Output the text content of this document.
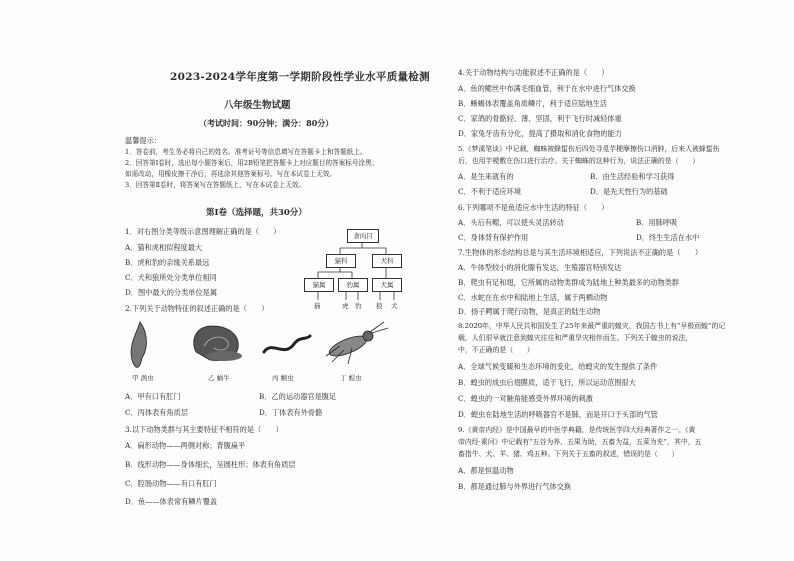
2023-2024学年度第一学期阶段性学业水平质量检测
八年级生物试题
（考试时间：90分钟；满分：80分）
温馨提示：
1．答卷前，考生务必将自己的姓名、准考证号等信息填写在答题卡上和答题纸上。
2．回答第Ⅰ卷时，选出每小题答案后，用2B铅笔把答题卡上对应题目的答案标号涂黑；
如需改动，用橡皮擦干净后，再选涂其他答案标号。写在本试卷上无效。
3．回答第Ⅱ卷时，将答案写在答题纸上，写在本试卷上无效。
第Ⅰ卷（选择题，共30分）
1．对右图分类等级示意图理解正确的是（　　）
A．猫和虎相似程度最大
B．虎和豹的亲缘关系最远
C．犬和狼所处分类单位相同
D．图中最大的分类单位是属
食肉目
猫科	犬科
猫属	豹属	犬属
猫	虎 豹 狼 犬
2.下列关于动物特征的叙述正确的是（　　）
甲 涡虫	乙 蜗牛	丙 蛔虫	丁 蝗虫
A．甲有口有肛门	B．乙的运动器官是腹足
C．丙体表有角质层	D．丁体表有外骨骼
3.以下动物类群与其主要特征不相符的是（　　）
A．扁形动物——两侧对称；背腹扁平
B．线形动物——身体细长，呈圆柱形；体表有角质层
C．腔肠动物——有口有肛门
D．鱼——体表常有鳞片覆盖
4.关于动物结构与功能叙述不正确的是（　　）
A．鱼的鳃丝中布满毛细血管，利于在水中进行气体交换
B．蜥蜴体表覆盖角质鳞片，利于适应陆地生活
C．家鸽的骨骼轻、薄、坚固，利于飞行时减轻体重
D．家兔牙齿有分化，提高了摄取和消化食物的能力
5.《梦溪笔谈》中记载，蜘蛛被蜂蜇伤后四处寻觅芋梗摩擦伤口消肿，后来人被蜂蜇伤
后，也用芋梗敷在伤口进行治疗。关于蜘蛛的这种行为，说法正确的是（　　）
A．是生来就有的	B．由生活经验和学习获得
C．不利于适应环境	D．是先天性行为的基础
6.下列哪项不是鱼适应水中生活的特征（　　）
A．头后有鳃，可以使头灵活转动	B．用肺呼吸
C．身体背有保护作用	D．终生生活在水中
7.生物体的形态结构总是与其生活环境相适应，下列说法不正确的是（　　）
A．牛体型较小的消化腺有发达，生殖器官特别发达
B．爬虫有足和翅，它所属的动物类群成为陆地上种类最多的动物类群
C．水蛇在在水中和陆地上生活，属于两栖动物
D．扬子鳄属于爬行动物，是真正的陆生动物
8.2020年，中华人民共和国发生了25年来最严重的蝗灾，我国古书上有“早极而蝗”的记
载，人们很早就注意到蝗灾往往和严重旱灾相伴而生。下列关于蝗虫的说法，
中，不正确的是（　　）
A．全球气候变暖和生态环境的变化，给蝗灾的发生提供了条件
B．蝗虫的成虫后翅膜质，适于飞行，所以运动范围很大
C．蝗虫的一对触角能感受外界环境的刺激
D．蝗虫在陆地生活的呼吸器官不是肺，而是开口于头部的气管
9.《黄帝内经》是中国最早的中医学典籍，是传统医学四大经典著作之一。《黄
帝内经·素问》中记载有“五谷为养，五果为助，五畜为益，五菜为充”，其中，五
畜指牛、犬、羊、猪、鸡五种。下列关于五畜的叙述，错误的是（　　）
A．都是恒温动物
B．都是通过肺与外界进行气体交换
